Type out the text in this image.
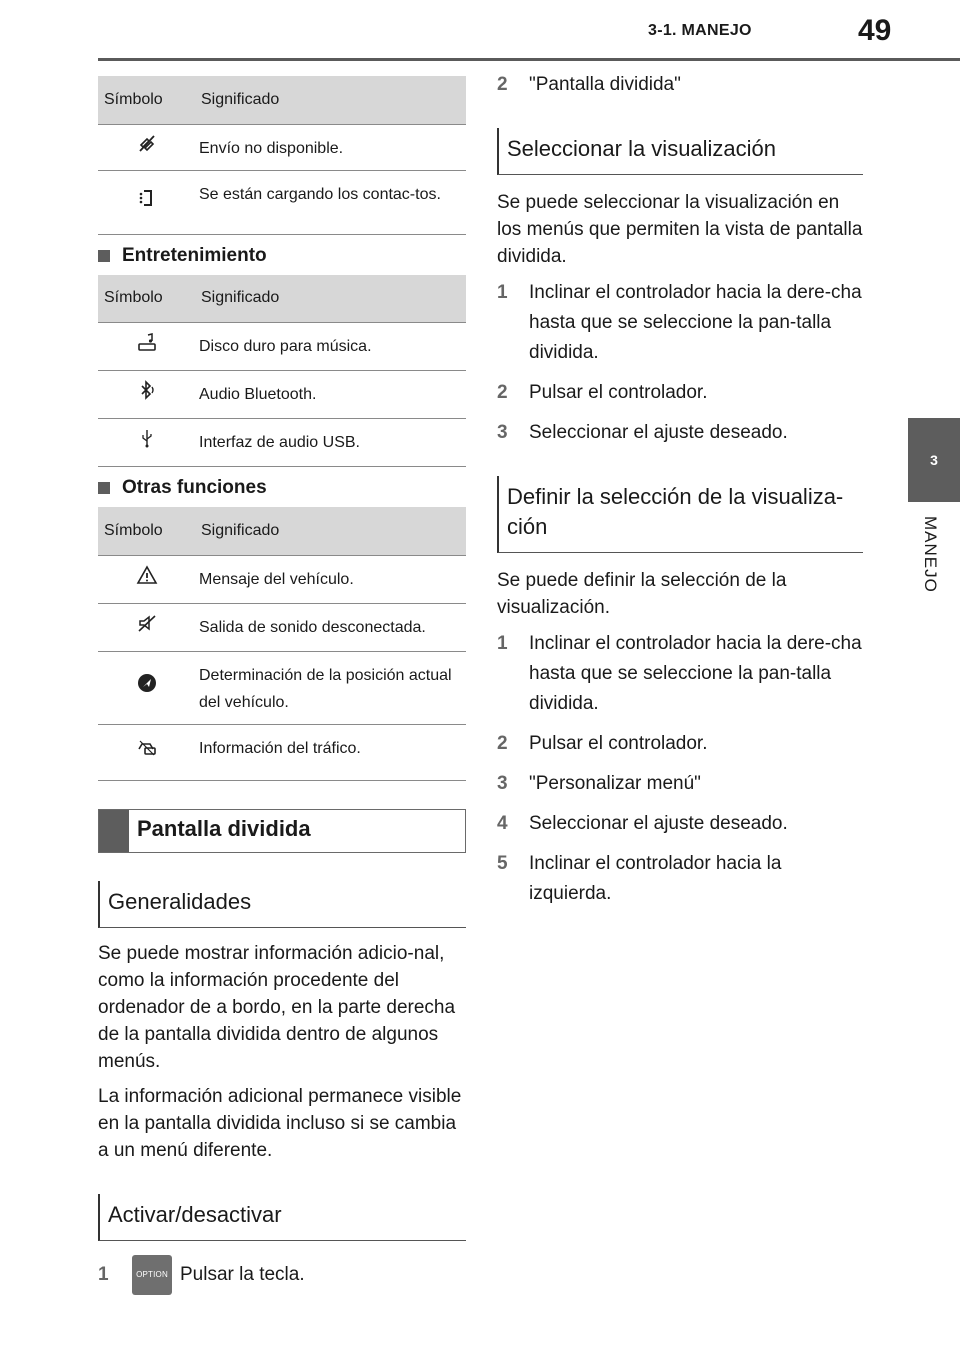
3-1. MANEJO	49
3
MANEJO
Símbolo	Significado
	Envío no disponible.
	Se están cargando los contac-tos.
Entretenimiento
Símbolo	Significado
	Disco duro para música.
	Audio Bluetooth.
	Interfaz de audio USB.
Otras funciones
Símbolo	Significado
	Mensaje del vehículo.
	Salida de sonido desconectada.
	Determinación de la posición actual del vehículo.
	Información del tráfico.
Pantalla dividida
Generalidades

Se puede mostrar información adicio-nal, como la información procedente del ordenador de a bordo, en la parte derecha de la pantalla dividida dentro de algunos menús.

La información adicional permanece visible en la pantalla dividida incluso si se cambia a un menú diferente.

Activar/desactivar
1	OPTION Pulsar la tecla.
2	"Pantalla dividida"
Seleccionar la visualización

Se puede seleccionar la visualización en los menús que permiten la vista de pantalla dividida.

1	Inclinar el controlador hacia la dere-cha hasta que se seleccione la pan-talla dividida.
2	Pulsar el controlador.
3	Seleccionar el ajuste deseado.
Definir la selección de la visualiza-ción

Se puede definir la selección de la visualización.

1	Inclinar el controlador hacia la dere-cha hasta que se seleccione la pan-talla dividida.
2	Pulsar el controlador.
3	"Personalizar menú"
4	Seleccionar el ajuste deseado.
5	Inclinar el controlador hacia la izquierda.
